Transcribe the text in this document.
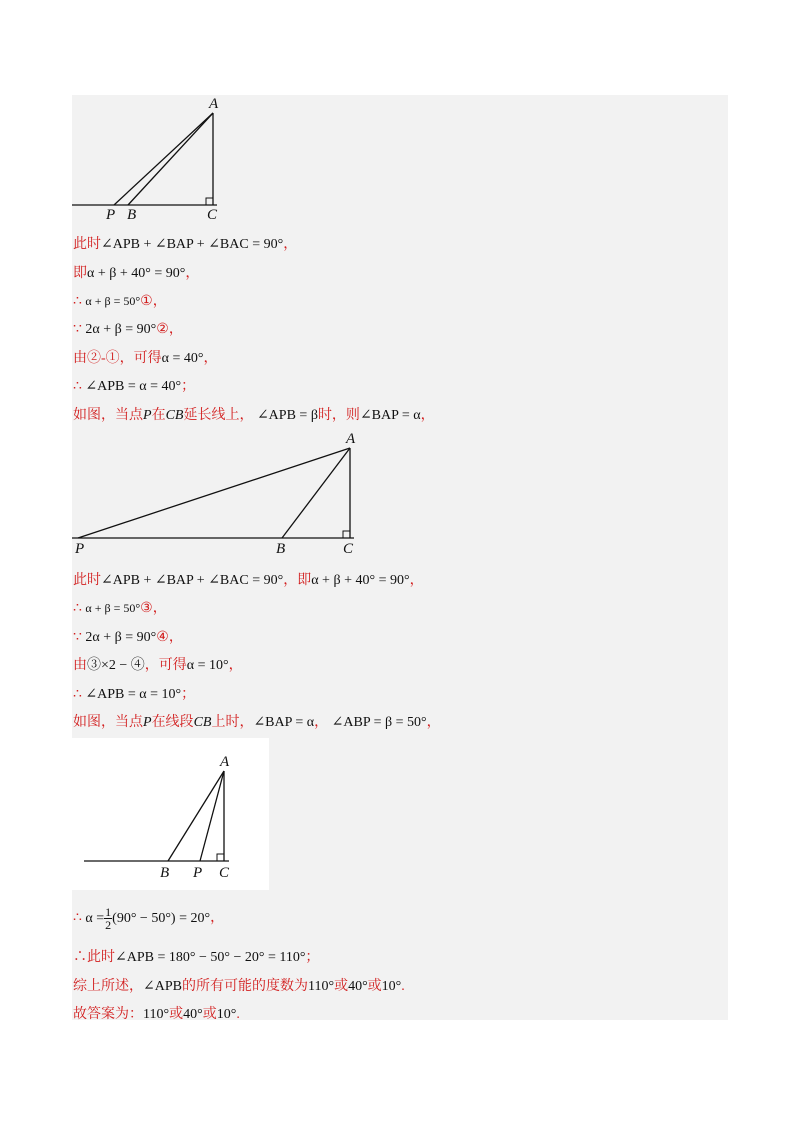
A
P B	C
此时∠APB + ∠BAP + ∠BAC = 90°，
即α + β + 40° = 90°，
∴ α + β = 50°①，
∵ 2α + β = 90°②，
由②-①，可得α = 40°，
∴ ∠APB = α = 40°；
如图，当点P在CB延长线上， ∠APB = β时，则∠BAP = α，
A
P	B	C
此时∠APB + ∠BAP + ∠BAC = 90°，即α + β + 40° = 90°，
∴ α + β = 50°③，
∵ 2α + β = 90°④，
由③×2 − ④，可得α = 10°，
∴ ∠APB = α = 10°；
如图，当点P在线段CB上时，∠BAP = α， ∠ABP = β = 50°，
A
B P C
∴ $\alpha = \frac{1}{2} (90^\circ - 50^\circ) = 20^\circ$，
∴此时∠APB = 180° − 50° − 20° = 110°；
综上所述，∠APB的所有可能的度数为110°或40°或10°.
故答案为：110°或40°或10°.
